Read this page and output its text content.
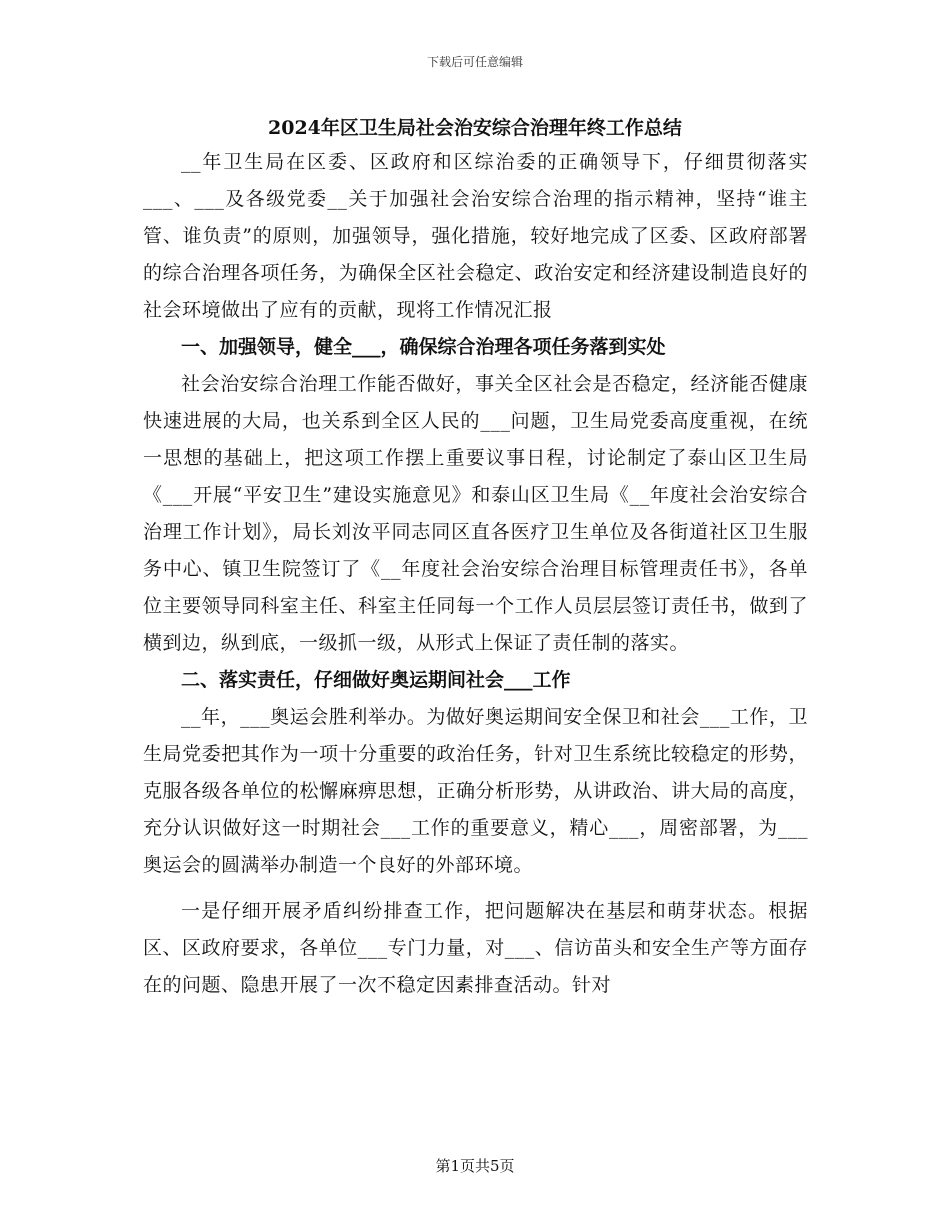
下载后可任意编辑
2024年区卫生局社会治安综合治理年终工作总结

__年卫生局在区委、区政府和区综治委的正确领导下，仔细贯彻落实___、___及各级党委__关于加强社会治安综合治理的指示精神，坚持“谁主管、谁负责”的原则，加强领导，强化措施，较好地完成了区委、区政府部署的综合治理各项任务，为确保全区社会稳定、政治安定和经济建设制造良好的社会环境做出了应有的贡献，现将工作情况汇报

一、加强领导，健全___，确保综合治理各项任务落到实处

社会治安综合治理工作能否做好，事关全区社会是否稳定，经济能否健康快速进展的大局，也关系到全区人民的___问题，卫生局党委高度重视，在统一思想的基础上，把这项工作摆上重要议事日程，讨论制定了泰山区卫生局《___开展“平安卫生”建设实施意见》和泰山区卫生局《__年度社会治安综合治理工作计划》，局长刘汝平同志同区直各医疗卫生单位及各街道社区卫生服务中心、镇卫生院签订了《__年度社会治安综合治理目标管理责任书》，各单位主要领导同科室主任、科室主任同每一个工作人员层层签订责任书，做到了横到边，纵到底，一级抓一级，从形式上保证了责任制的落实。

二、落实责任，仔细做好奥运期间社会___工作

__年，___奥运会胜利举办。为做好奥运期间安全保卫和社会___工作，卫生局党委把其作为一项十分重要的政治任务，针对卫生系统比较稳定的形势，克服各级各单位的松懈麻痹思想，正确分析形势，从讲政治、讲大局的高度，充分认识做好这一时期社会___工作的重要意义，精心___，周密部署，为___奥运会的圆满举办制造一个良好的外部环境。

一是仔细开展矛盾纠纷排查工作，把问题解决在基层和萌芽状态。根据区、区政府要求，各单位___专门力量，对___、信访苗头和安全生产等方面存在的问题、隐患开展了一次不稳定因素排查活动。针对

第1页共5页
